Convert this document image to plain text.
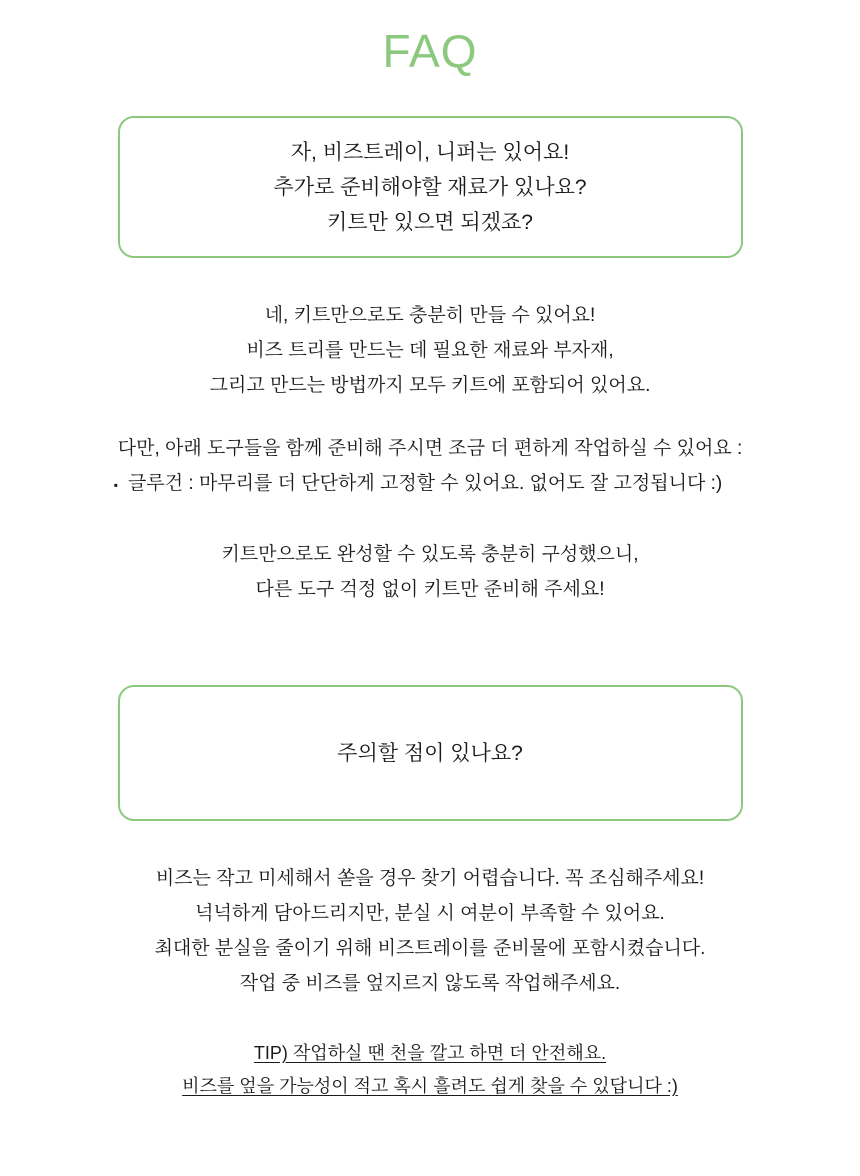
FAQ
자, 비즈트레이, 니퍼는 있어요!
추가로 준비해야할 재료가 있나요?
키트만 있으면 되겠죠?
네, 키트만으로도 충분히 만들 수 있어요!
비즈 트리를 만드는 데 필요한 재료와 부자재,
그리고 만드는 방법까지 모두 키트에 포함되어 있어요.
다만, 아래 도구들을 함께 준비해 주시면 조금 더 편하게 작업하실 수 있어요 :
▪ 글루건 : 마무리를 더 단단하게 고정할 수 있어요. 없어도 잘 고정됩니다 :)
키트만으로도 완성할 수 있도록 충분히 구성했으니,
다른 도구 걱정 없이 키트만 준비해 주세요!
주의할 점이 있나요?
비즈는 작고 미세해서 쏟을 경우 찾기 어렵습니다. 꼭 조심해주세요!
넉넉하게 담아드리지만, 분실 시 여분이 부족할 수 있어요.
최대한 분실을 줄이기 위해 비즈트레이를 준비물에 포함시켰습니다.
작업 중 비즈를 엎지르지 않도록 작업해주세요.
TIP) 작업하실 땐 천을 깔고 하면 더 안전해요.
비즈를 엎을 가능성이 적고 혹시 흘려도 쉽게 찾을 수 있답니다 :)
